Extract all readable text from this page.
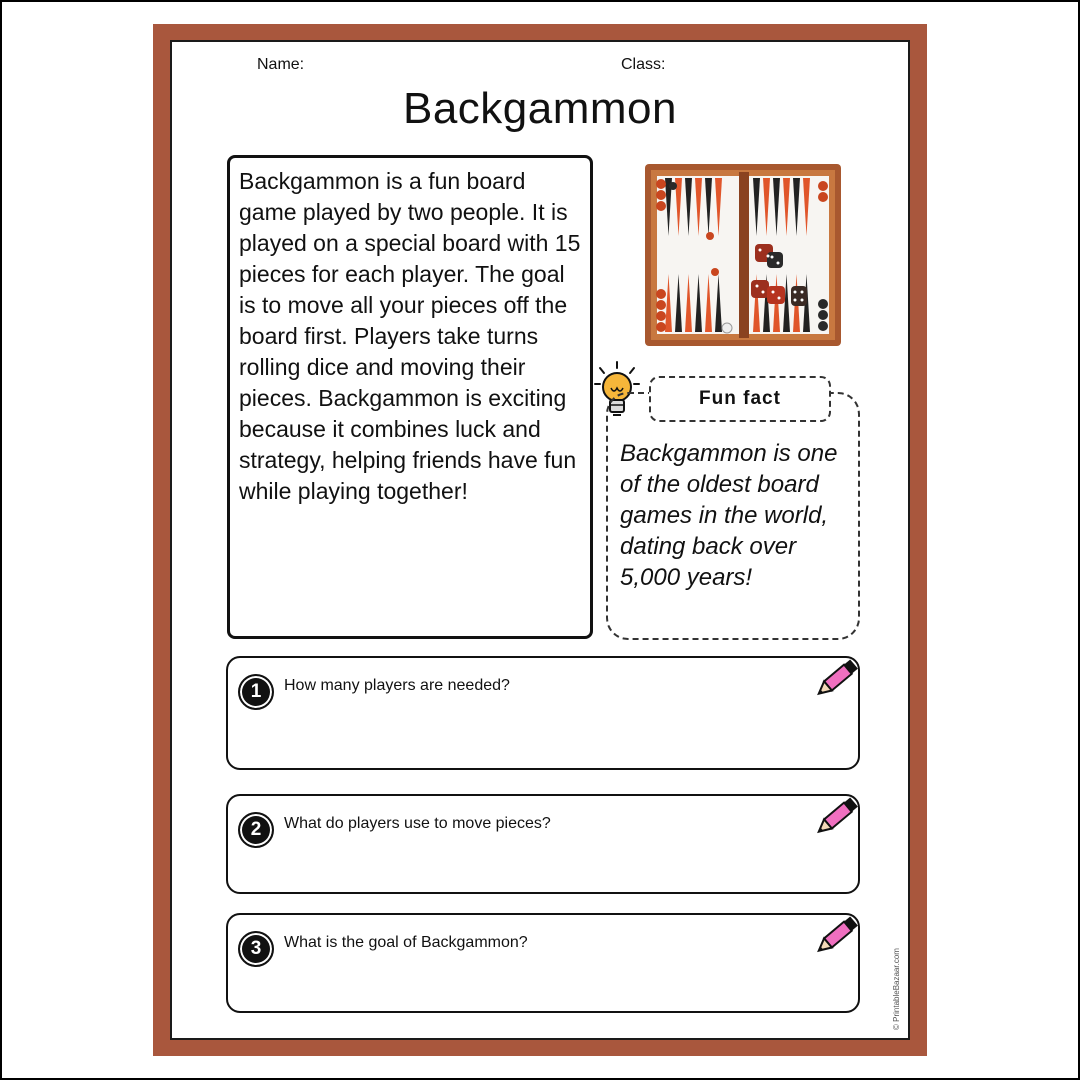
Name:	Class:
Backgammon
Backgammon is a fun board game played by two people. It is played on a special board with 15 pieces for each player. The goal is to move all your pieces off the board first. Players take turns rolling dice and moving their pieces. Backgammon is exciting because it combines luck and strategy, helping friends have fun while playing together!
Backgammon is one of the oldest board games in the world, dating back over 5,000 years!
Fun fact
1	How many players are needed?
2	What do players use to move pieces?
3	What is the goal of Backgammon?
© PrintableBazaar.com
